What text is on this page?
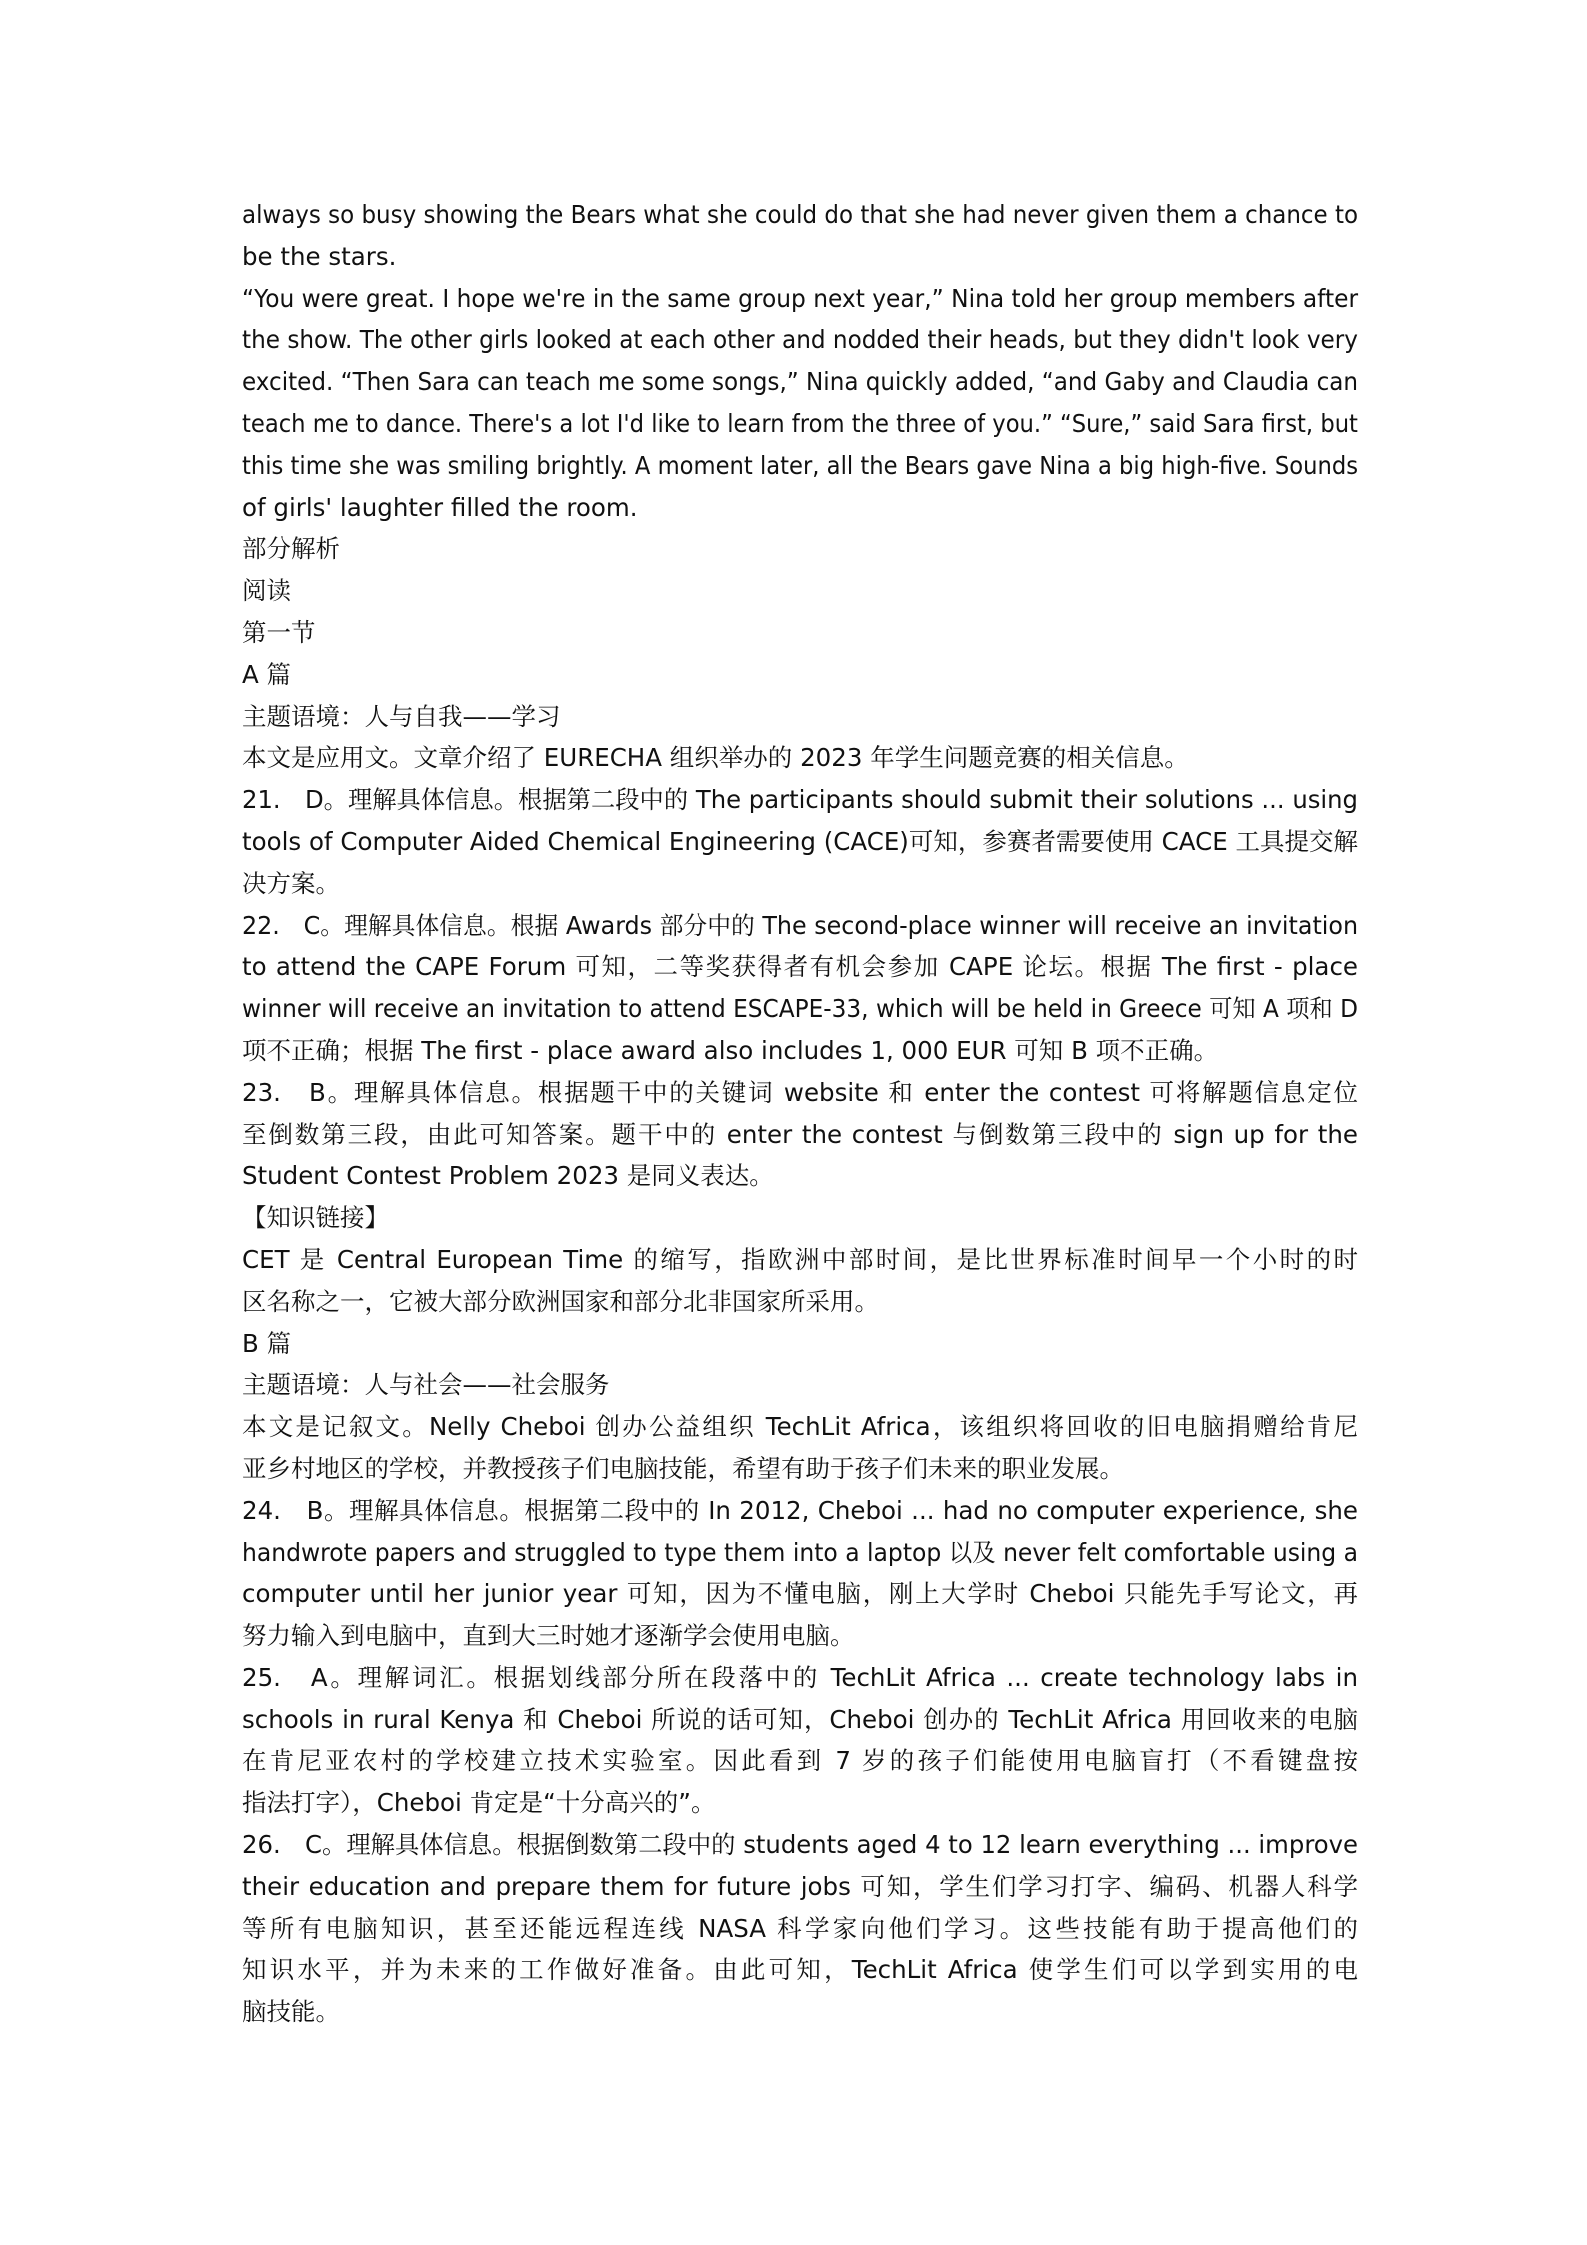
always so busy showing the Bears what she could do that she had never given them a chance to
be the stars.
“You were great. I hope we're in the same group next year,” Nina told her group members after
the show. The other girls looked at each other and nodded their heads, but they didn't look very
excited. “Then Sara can teach me some songs,” Nina quickly added, “and Gaby and Claudia can
teach me to dance. There's a lot I'd like to learn from the three of you.” “Sure,” said Sara first, but
this time she was smiling brightly. A moment later, all the Bears gave Nina a big high-five. Sounds
of girls' laughter filled the room.
部分解析
阅读
第一节
A 篇
主题语境：人与自我——学习
本文是应用文。文章介绍了 EURECHA 组织举办的 2023 年学生问题竞赛的相关信息。
21.　D。理解具体信息。根据第二段中的 The participants should submit their solutions ... using
tools of Computer Aided Chemical Engineering (CACE)可知，参赛者需要使用 CACE 工具提交解
决方案。
22.　C。理解具体信息。根据 Awards 部分中的 The second-place winner will receive an invitation
to attend the CAPE Forum 可知，二等奖获得者有机会参加 CAPE 论坛。根据 The first - place
winner will receive an invitation to attend ESCAPE-33, which will be held in Greece 可知 A 项和 D
项不正确；根据 The first - place award also includes 1, 000 EUR 可知 B 项不正确。
23.　B。理解具体信息。根据题干中的关键词 website 和 enter the contest 可将解题信息定位
至倒数第三段，由此可知答案。题干中的 enter the contest 与倒数第三段中的 sign up for the
Student Contest Problem 2023 是同义表达。
【知识链接】
CET 是 Central European Time 的缩写，指欧洲中部时间，是比世界标准时间早一个小时的时
区名称之一，它被大部分欧洲国家和部分北非国家所采用。
B 篇
主题语境：人与社会——社会服务
本文是记叙文。Nelly Cheboi 创办公益组织 TechLit Africa，该组织将回收的旧电脑捐赠给肯尼
亚乡村地区的学校，并教授孩子们电脑技能，希望有助于孩子们未来的职业发展。
24.　B。理解具体信息。根据第二段中的 In 2012, Cheboi ... had no computer experience, she
handwrote papers and struggled to type them into a laptop 以及 never felt comfortable using a
computer until her junior year 可知，因为不懂电脑，刚上大学时 Cheboi 只能先手写论文，再
努力输入到电脑中，直到大三时她才逐渐学会使用电脑。
25.　A。理解词汇。根据划线部分所在段落中的 TechLit Africa ... create technology labs in
schools in rural Kenya 和 Cheboi 所说的话可知，Cheboi 创办的 TechLit Africa 用回收来的电脑
在肯尼亚农村的学校建立技术实验室。因此看到 7 岁的孩子们能使用电脑盲打（不看键盘按
指法打字），Cheboi 肯定是“十分高兴的”。
26.　C。理解具体信息。根据倒数第二段中的 students aged 4 to 12 learn everything ... improve
their education and prepare them for future jobs 可知，学生们学习打字、编码、机器人科学
等所有电脑知识，甚至还能远程连线 NASA 科学家向他们学习。这些技能有助于提高他们的
知识水平，并为未来的工作做好准备。由此可知，TechLit Africa 使学生们可以学到实用的电
脑技能。
